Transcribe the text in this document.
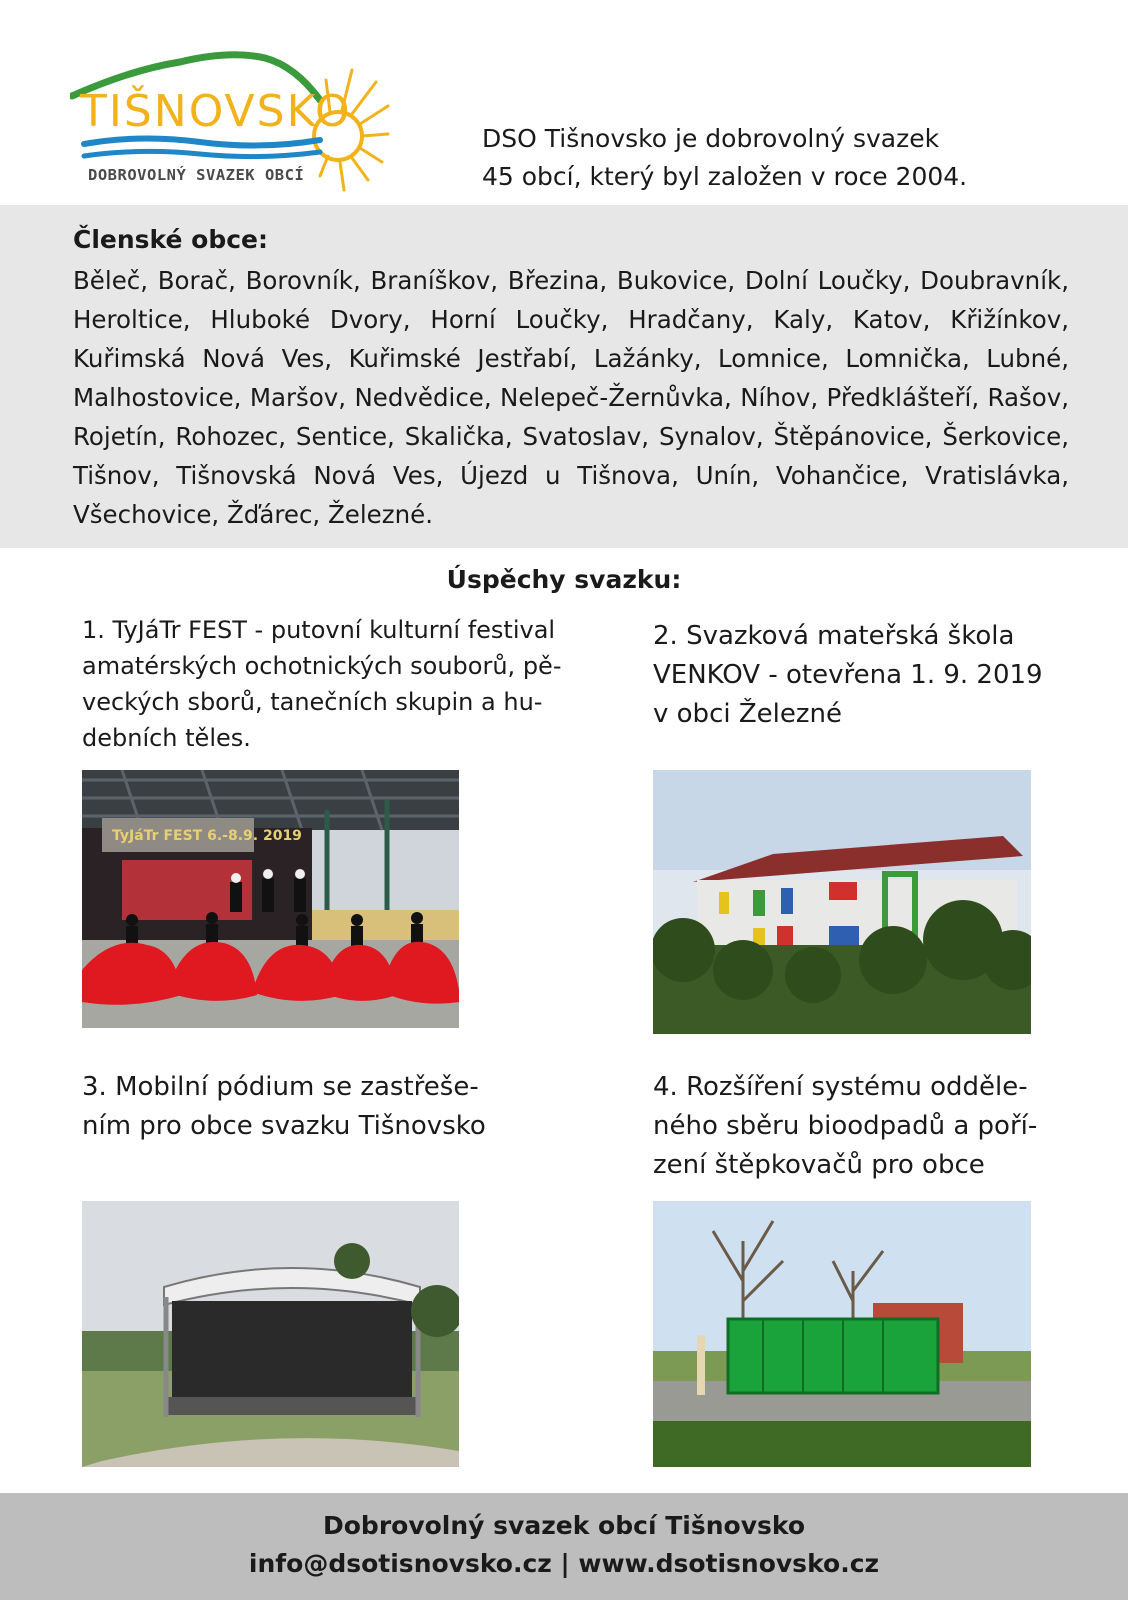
TIŠNOVSKO
DOBROVOLNÝ SVAZEK OBCÍ
DSO Tišnovsko je dobrovolný svazek
45 obcí, který byl založen v roce 2004.
Členské obce:
Běleč, Borač, Borovník, Braníškov, Březina, Bukovice, Dolní Loučky, Doubravník, Heroltice, Hluboké Dvory, Horní Loučky, Hradčany, Kaly, Katov, Křižínkov, Kuřimská Nová Ves, Kuřimské Jestřabí, Lažánky, Lomnice, Lomnička, Lubné, Malhostovice, Maršov, Nedvědice, Nelepeč-Žernůvka, Níhov, Předklášteří, Rašov, Rojetín, Rohozec, Sentice, Skalička, Svatoslav, Synalov, Štěpánovice, Šerkovice, Tišnov, Tišnovská Nová Ves, Újezd u Tišnova, Unín, Vohančice, Vratislávka, Všechovice, Žďárec, Železné.
Úspěchy svazku:
1. TyJáTr FEST - putovní kulturní festival
amatérských ochotnických souborů, pě-
veckých sborů, tanečních skupin a hu-
debních těles.
2. Svazková mateřská škola
VENKOV - otevřena 1. 9. 2019
v obci Železné
3. Mobilní pódium se zastřeše-
ním pro obce svazku Tišnovsko
4. Rozšíření systému odděle-
ného sběru bioodpadů a poří-
zení štěpkovačů pro obce
TyJáTr FEST 6.-8.9. 2019
Dobrovolný svazek obcí Tišnovsko
info@dsotisnovsko.cz | www.dsotisnovsko.cz
